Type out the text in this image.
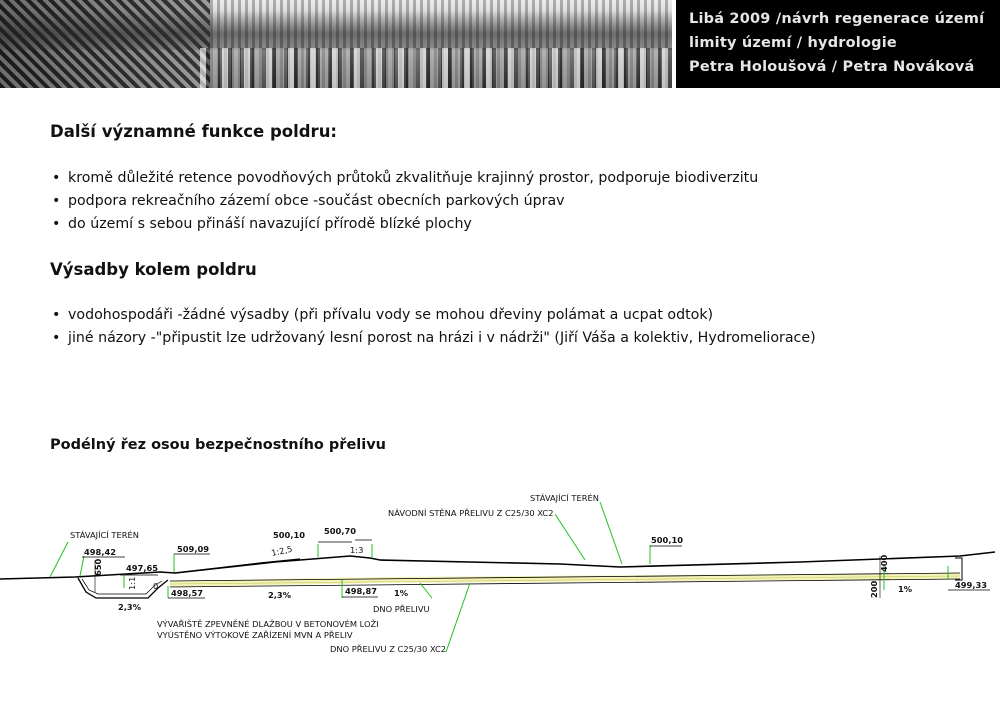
Libá 2009 /návrh regenerace území
limity území / hydrologie
Petra Holoušová / Petra Nováková
Další významné funkce poldru:
• kromě důležité retence povodňových průtoků zkvalitňuje krajinný prostor, podporuje biodiverzitu
• podpora rekreačního zázemí obce -součást obecních parkových úprav
• do území s sebou přináší navazující přírodě blízké plochy
Výsadby kolem poldru
• vodohospodáři -žádné výsadby (při přívalu vody se mohou dřeviny polámat a ucpat odtok)
• jiné názory -"připustit lze udržovaný lesní porost na hrázi i v nádrži" (Jiří Váša a kolektiv, Hydromeliorace)
Podélný řez osou bezpečnostního přelivu
STÁVAJÍCÍ TERÉN
STÁVAJÍCÍ TERÉN
NÁVODNÍ STĚNA PŘELIVU Z C25/30 XC2
VÝVAŘIŠTĚ ZPEVNĚNÉ DLAŽBOU V BETONOVÉM LOŽI
VYÚSTĚNO VÝTOKOVÉ ZAŘÍZENÍ MVN A PŘELIV
DNO PŘELIVU
DNO PŘELIVU Z C25/30 XC2
498,42
497,65
509,09
500,10 500,70
500,10
498,57	498,87
499,33
650	400
200
1:1 0
1:2,5	1:3
2,3%
2,3%	1%	1%
